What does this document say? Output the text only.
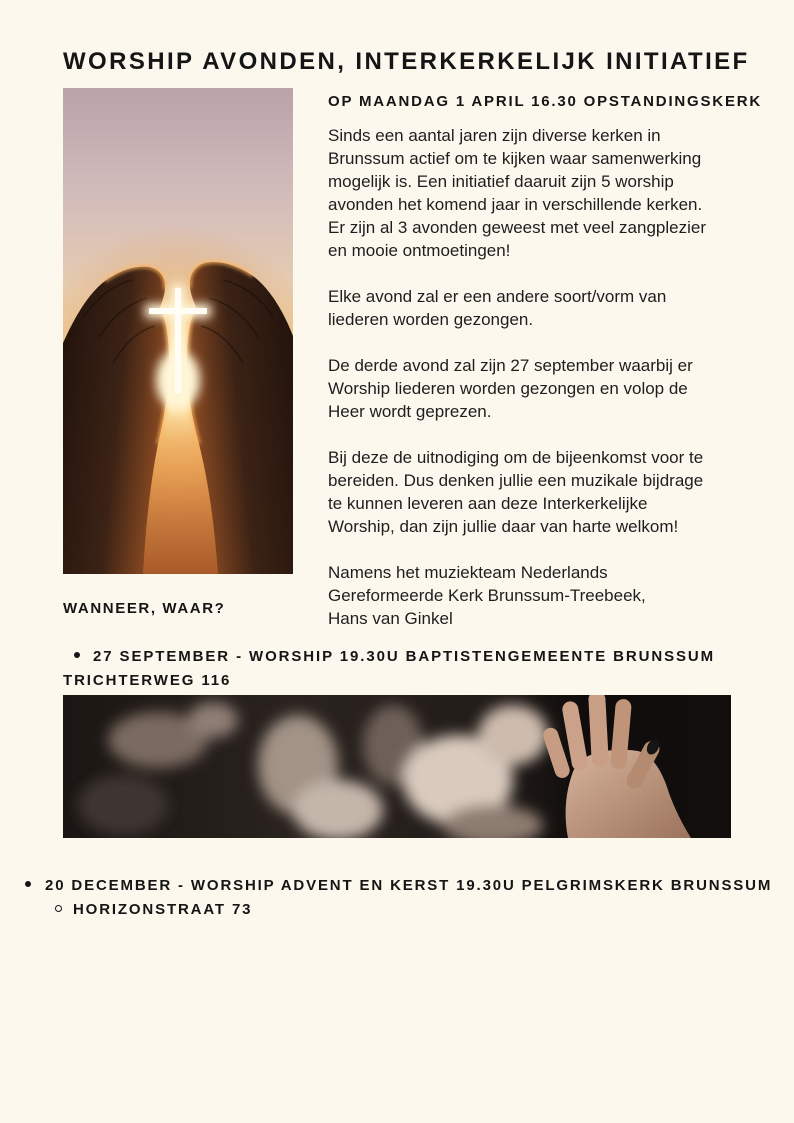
WORSHIP AVONDEN, INTERKERKELIJK INITIATIEF
OP MAANDAG 1 APRIL 16.30 OPSTANDINGSKERK

Sinds een aantal jaren zijn diverse kerken in
Brunssum actief om te kijken waar samenwerking
mogelijk is. Een initiatief daaruit zijn 5 worship
avonden het komend jaar in verschillende kerken.
Er zijn al 3 avonden geweest met veel zangplezier
en mooie ontmoetingen!

Elke avond zal er een andere soort/vorm van
liederen worden gezongen.

De derde avond zal zijn 27 september waarbij er
Worship liederen worden gezongen en volop de
Heer wordt geprezen.

Bij deze de uitnodiging om de bijeenkomst voor te
bereiden. Dus denken jullie een muzikale bijdrage
te kunnen leveren aan deze Interkerkelijke
Worship, dan zijn jullie daar van harte welkom!

Namens het muziekteam Nederlands
Gereformeerde Kerk Brunssum-Treebeek,
Hans van Ginkel

WANNEER, WAAR?
27 SEPTEMBER - WORSHIP 19.30U BAPTISTENGEMEENTE BRUNSSUM TRICHTERWEG 116
20 DECEMBER - WORSHIP ADVENT EN KERST 19.30U PELGRIMSKERK BRUNSSUM
HORIZONSTRAAT 73
